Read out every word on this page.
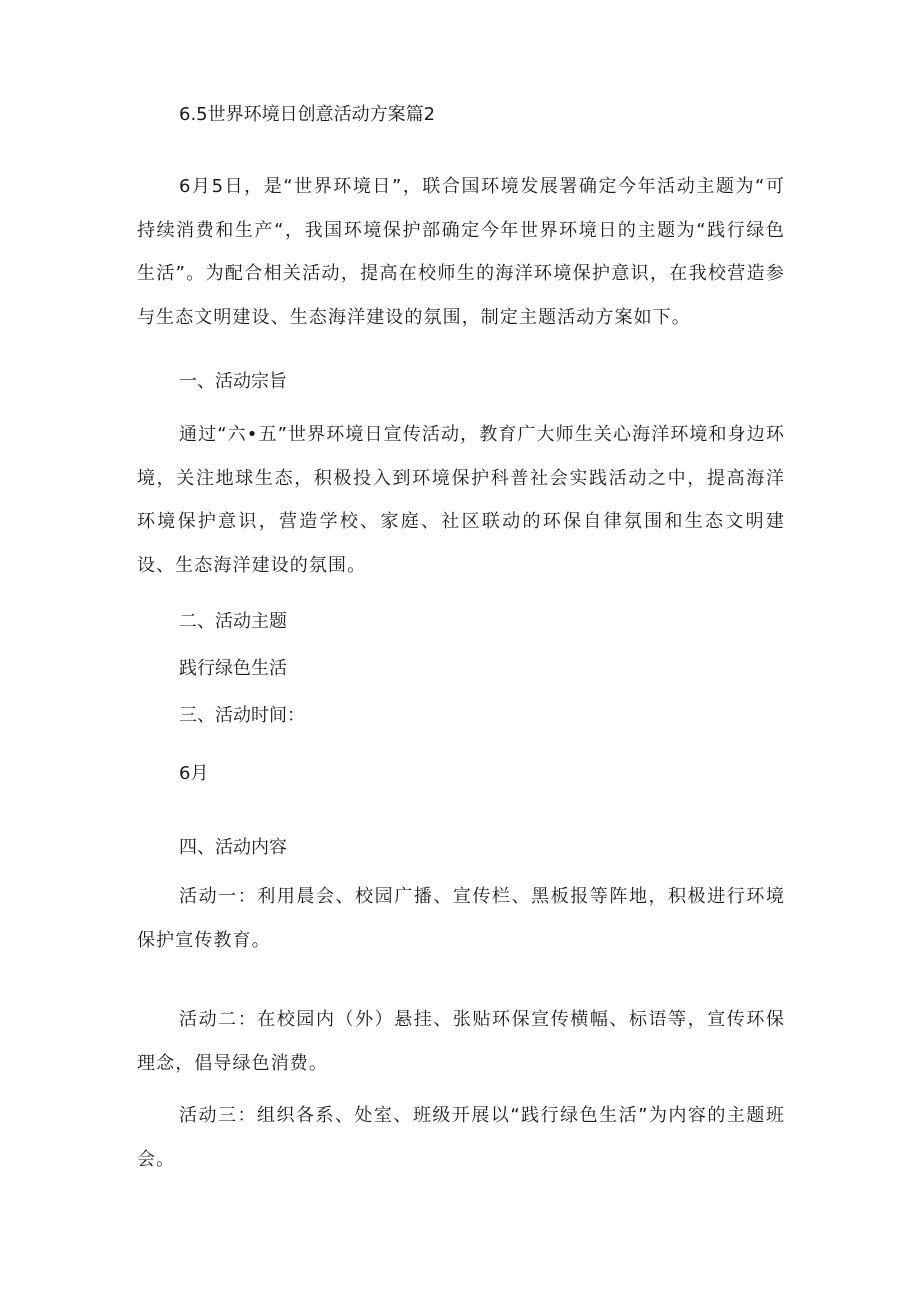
6.5世界环境日创意活动方案篇2
6月5日，是“世界环境日”，联合国环境发展署确定今年活动主题为“可持续消费和生产“，我国环境保护部确定今年世界环境日的主题为“践行绿色生活”。为配合相关活动，提高在校师生的海洋环境保护意识，在我校营造参与生态文明建设、生态海洋建设的氛围，制定主题活动方案如下。
一、活动宗旨
通过“六•五”世界环境日宣传活动，教育广大师生关心海洋环境和身边环境，关注地球生态，积极投入到环境保护科普社会实践活动之中，提高海洋环境保护意识，营造学校、家庭、社区联动的环保自律氛围和生态文明建设、生态海洋建设的氛围。
二、活动主题
践行绿色生活
三、活动时间：
6月
四、活动内容
活动一：利用晨会、校园广播、宣传栏、黑板报等阵地，积极进行环境保护宣传教育。
活动二：在校园内（外）悬挂、张贴环保宣传横幅、标语等，宣传环保理念，倡导绿色消费。
活动三：组织各系、处室、班级开展以“践行绿色生活”为内容的主题班会。
